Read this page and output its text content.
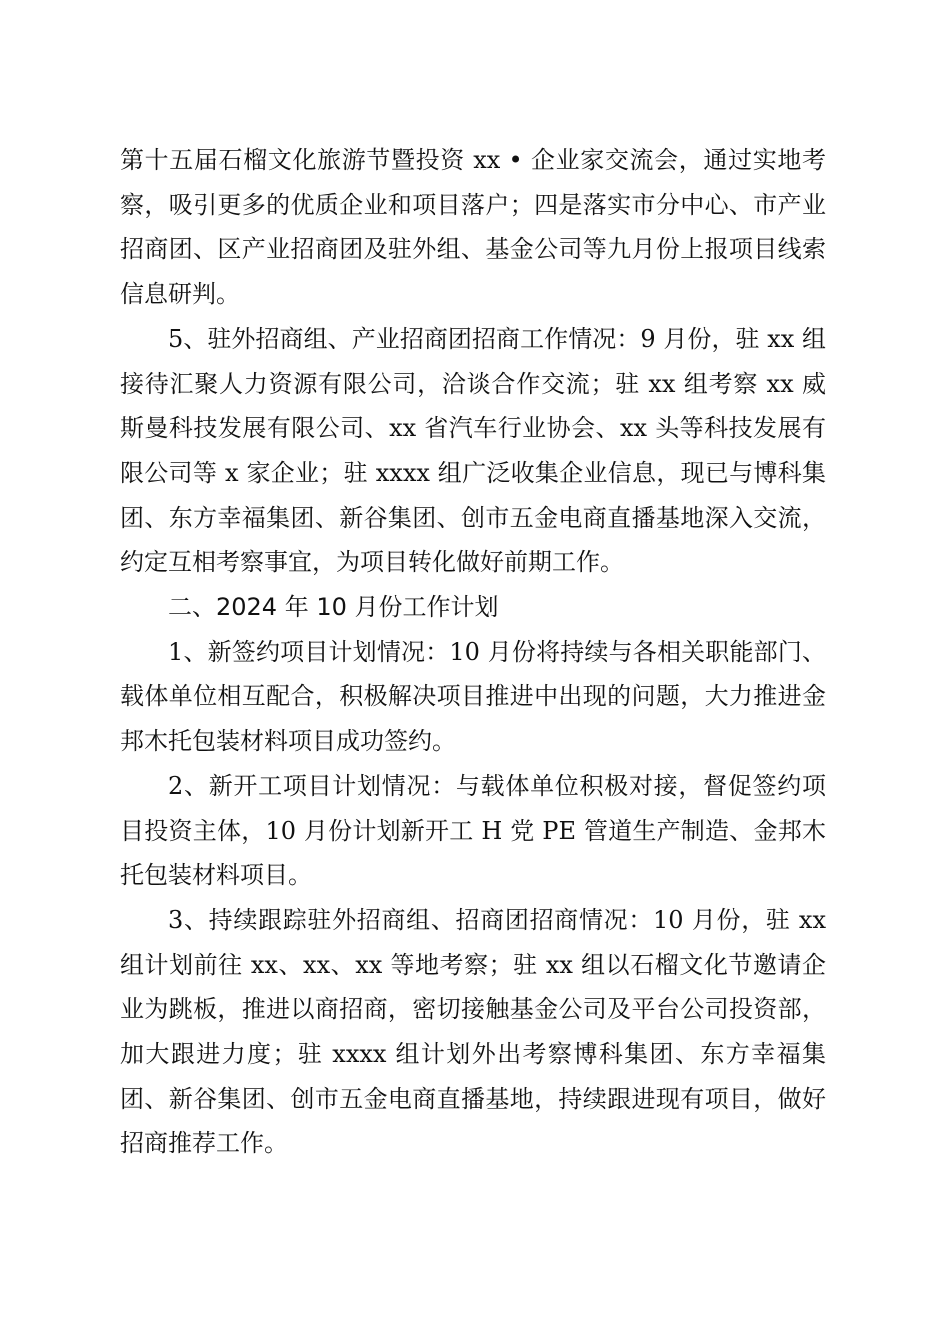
第十五届石榴文化旅游节暨投资 xx • 企业家交流会，通过实地考察，吸引更多的优质企业和项目落户；四是落实市分中心、市产业招商团、区产业招商团及驻外组、基金公司等九月份上报项目线索信息研判。

5、驻外招商组、产业招商团招商工作情况：9 月份，驻 xx 组接待汇聚人力资源有限公司，洽谈合作交流；驻 xx 组考察 xx 威斯曼科技发展有限公司、xx 省汽车行业协会、xx 头等科技发展有限公司等 x 家企业；驻 xxxx 组广泛收集企业信息，现已与博科集团、东方幸福集团、新谷集团、创市五金电商直播基地深入交流，约定互相考察事宜，为项目转化做好前期工作。

二、2024 年 10 月份工作计划

1、新签约项目计划情况：10 月份将持续与各相关职能部门、载体单位相互配合，积极解决项目推进中出现的问题，大力推进金邦木托包装材料项目成功签约。

2、新开工项目计划情况：与载体单位积极对接，督促签约项目投资主体，10 月份计划新开工 H 党 PE 管道生产制造、金邦木托包装材料项目。

3、持续跟踪驻外招商组、招商团招商情况：10 月份，驻 xx 组计划前往 xx、xx、xx 等地考察；驻 xx 组以石榴文化节邀请企业为跳板，推进以商招商，密切接触基金公司及平台公司投资部，加大跟进力度；驻 xxxx 组计划外出考察博科集团、东方幸福集团、新谷集团、创市五金电商直播基地，持续跟进现有项目，做好招商推荐工作。
